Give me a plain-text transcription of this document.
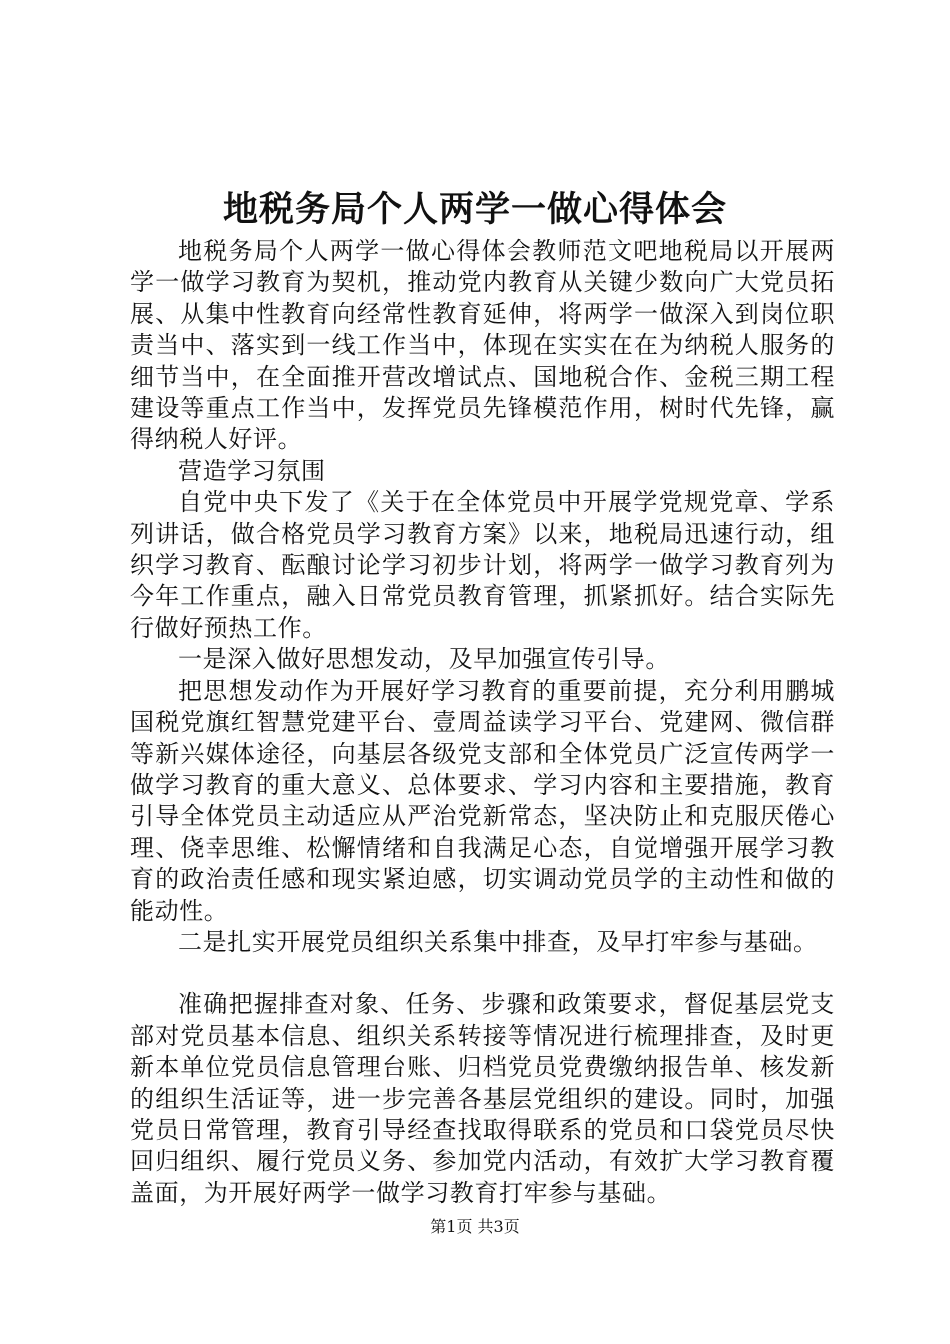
地税务局个人两学一做心得体会

地税务局个人两学一做心得体会教师范文吧地税局以开展两学一做学习教育为契机，推动党内教育从关键少数向广大党员拓展、从集中性教育向经常性教育延伸，将两学一做深入到岗位职责当中、落实到一线工作当中，体现在实实在在为纳税人服务的细节当中，在全面推开营改增试点、国地税合作、金税三期工程建设等重点工作当中，发挥党员先锋模范作用，树时代先锋，赢得纳税人好评。

营造学习氛围

自党中央下发了《关于在全体党员中开展学党规党章、学系列讲话，做合格党员学习教育方案》以来，地税局迅速行动，组织学习教育、酝酿讨论学习初步计划，将两学一做学习教育列为今年工作重点，融入日常党员教育管理，抓紧抓好。结合实际先行做好预热工作。

一是深入做好思想发动，及早加强宣传引导。

把思想发动作为开展好学习教育的重要前提，充分利用鹏城国税党旗红智慧党建平台、壹周益读学习平台、党建网、微信群等新兴媒体途径，向基层各级党支部和全体党员广泛宣传两学一做学习教育的重大意义、总体要求、学习内容和主要措施，教育引导全体党员主动适应从严治党新常态，坚决防止和克服厌倦心理、侥幸思维、松懈情绪和自我满足心态，自觉增强开展学习教育的政治责任感和现实紧迫感，切实调动党员学的主动性和做的能动性。

二是扎实开展党员组织关系集中排查，及早打牢参与基础。

准确把握排查对象、任务、步骤和政策要求，督促基层党支部对党员基本信息、组织关系转接等情况进行梳理排查，及时更新本单位党员信息管理台账、归档党员党费缴纳报告单、核发新的组织生活证等，进一步完善各基层党组织的建设。同时，加强党员日常管理，教育引导经查找取得联系的党员和口袋党员尽快回归组织、履行党员义务、参加党内活动，有效扩大学习教育覆盖面，为开展好两学一做学习教育打牢参与基础。

第1页 共3页
